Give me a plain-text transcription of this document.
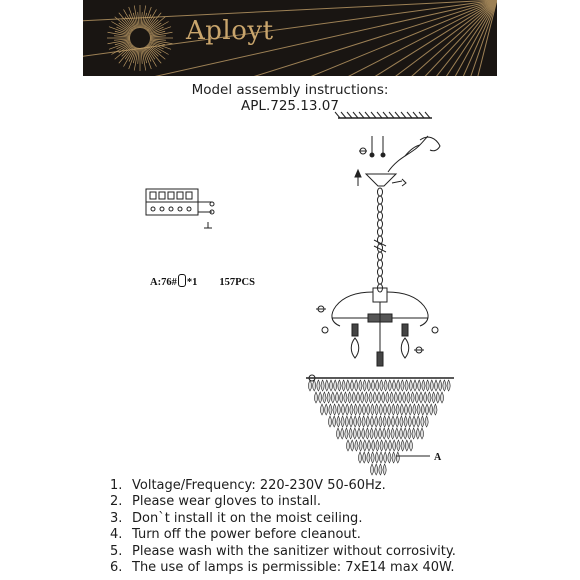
Aployt
Model assembly instructions:
APL.725.13.07
A
A:76# *1 157PCS
1. Voltage/Frequency: 220-230V 50-60Hz.
2. Please wear gloves to install.
3. Don`t install it on the moist ceiling.
4. Turn off the power before cleanout.
5. Please wash with the sanitizer without corrosivity.
6. The use of lamps is permissible: 7xE14 max 40W.
